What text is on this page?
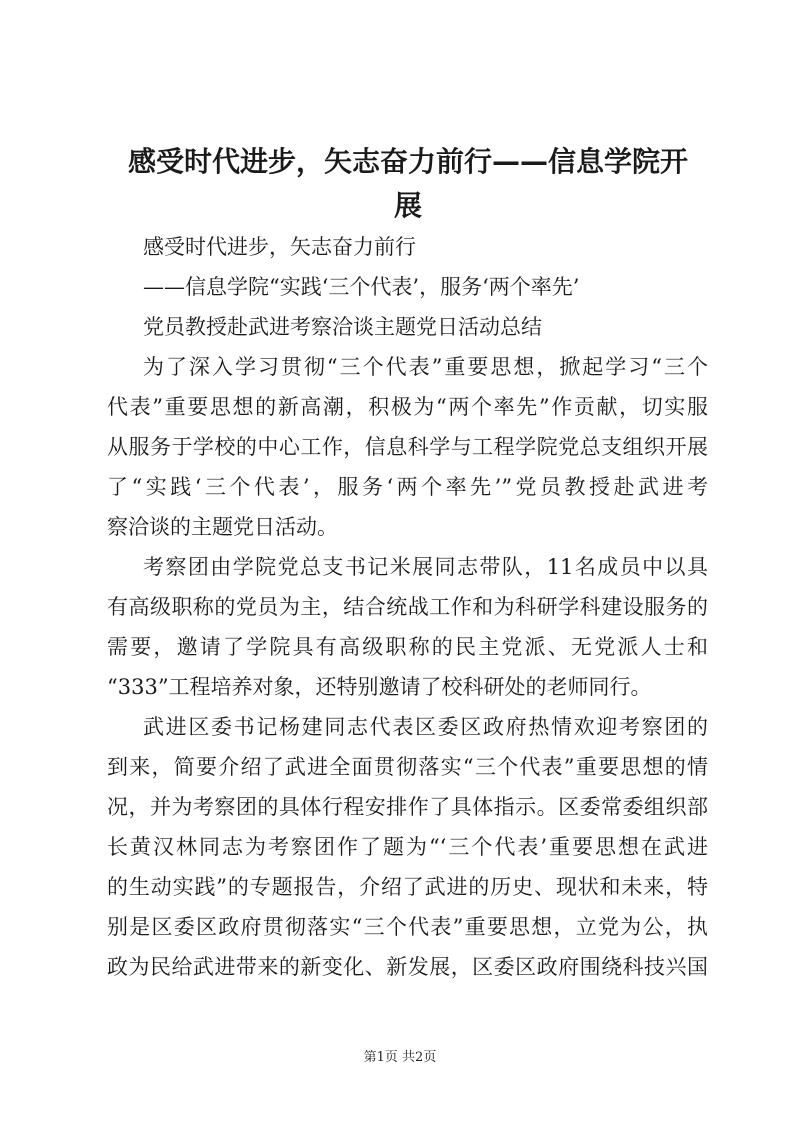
感受时代进步，矢志奋力前行——信息学院开
展
感受时代进步，矢志奋力前行
——信息学院“实践‘三个代表’，服务‘两个率先’
党员教授赴武进考察洽谈主题党日活动总结
为了深入学习贯彻“三个代表”重要思想，掀起学习“三个
代表”重要思想的新高潮，积极为“两个率先”作贡献，切实服
从服务于学校的中心工作，信息科学与工程学院党总支组织开展
了“实践‘三个代表’，服务‘两个率先’”党员教授赴武进考
察洽谈的主题党日活动。
考察团由学院党总支书记米展同志带队，11名成员中以具
有高级职称的党员为主，结合统战工作和为科研学科建设服务的
需要，邀请了学院具有高级职称的民主党派、无党派人士和
“333”工程培养对象，还特别邀请了校科研处的老师同行。
武进区委书记杨建同志代表区委区政府热情欢迎考察团的
到来，简要介绍了武进全面贯彻落实“三个代表”重要思想的情
况，并为考察团的具体行程安排作了具体指示。区委常委组织部
长黄汉林同志为考察团作了题为“‘三个代表’重要思想在武进
的生动实践”的专题报告，介绍了武进的历史、现状和未来，特
别是区委区政府贯彻落实“三个代表”重要思想，立党为公，执
政为民给武进带来的新变化、新发展，区委区政府围绕科技兴国
第1页 共2页
